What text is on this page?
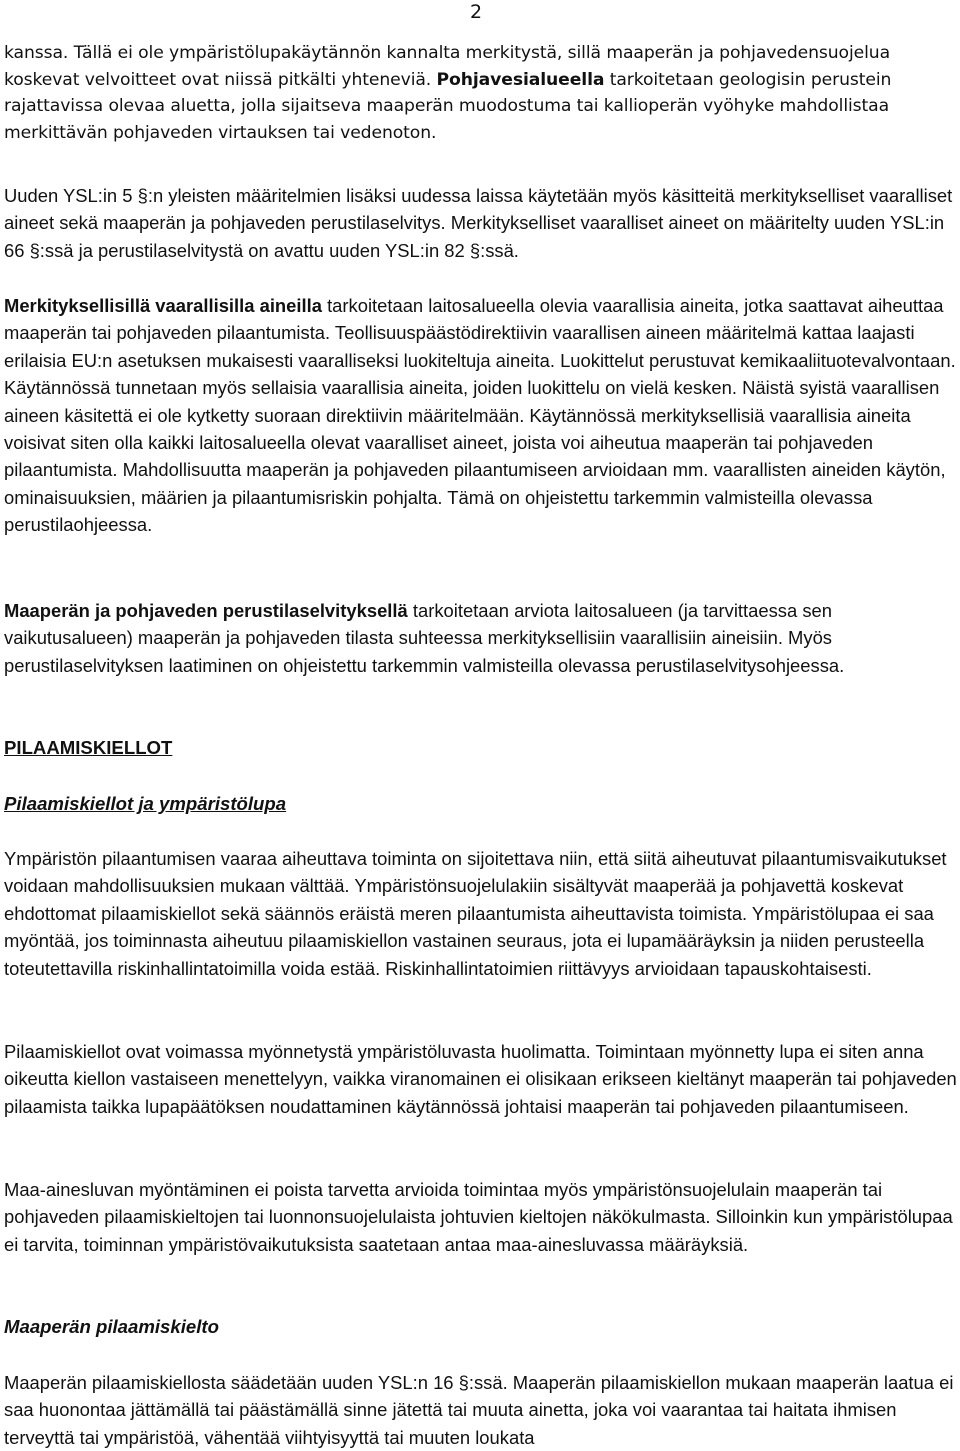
2

kanssa. Tällä ei ole ympäristölupakäytännön kannalta merkitystä, sillä maaperän ja pohjavedensuojelua koskevat velvoitteet ovat niissä pitkälti yhteneviä. Pohjavesialueella tarkoitetaan geologisin perustein rajattavissa olevaa aluetta, jolla sijaitseva maaperän muodostuma tai kallioperän vyöhyke mahdollistaa merkittävän pohjaveden virtauksen tai vedenoton.

Uuden YSL:in 5 §:n yleisten määritelmien lisäksi uudessa laissa käytetään myös käsitteitä merkitykselliset vaaralliset aineet sekä maaperän ja pohjaveden perustilaselvitys. Merkitykselliset vaaralliset aineet on määritelty uuden YSL:in 66 §:ssä ja perustilaselvitystä on avattu uuden YSL:in 82 §:ssä.

Merkityksellisillä vaarallisilla aineilla tarkoitetaan laitosalueella olevia vaarallisia aineita, jotka saattavat aiheuttaa maaperän tai pohjaveden pilaantumista. Teollisuuspäästödirektiivin vaarallisen aineen määritelmä kattaa laajasti erilaisia EU:n asetuksen mukaisesti vaaralliseksi luokiteltuja aineita. Luokittelut perustuvat kemikaaliituotevalvontaan. Käytännössä tunnetaan myös sellaisia vaarallisia aineita, joiden luokittelu on vielä kesken. Näistä syistä vaarallisen aineen käsitettä ei ole kytketty suoraan direktiivin määritelmään. Käytännössä merkityksellisiä vaarallisia aineita voisivat siten olla kaikki laitosalueella olevat vaaralliset aineet, joista voi aiheutua maaperän tai pohjaveden pilaantumista. Mahdollisuutta maaperän ja pohjaveden pilaantumiseen arvioidaan mm. vaarallisten aineiden käytön, ominaisuuksien, määrien ja pilaantumisriskin pohjalta. Tämä on ohjeistettu tarkemmin valmisteilla olevassa perustilaohjeessa.

Maaperän ja pohjaveden perustilaselvityksellä tarkoitetaan arviota laitosalueen (ja tarvittaessa sen vaikutusalueen) maaperän ja pohjaveden tilasta suhteessa merkityksellisiin vaarallisiin aineisiin. Myös perustilaselvityksen laatiminen on ohjeistettu tarkemmin valmisteilla olevassa perustilaselvitysohjeessa.

PILAAMISKIELLOT
Pilaamiskiellot ja ympäristölupa

Ympäristön pilaantumisen vaaraa aiheuttava toiminta on sijoitettava niin, että siitä aiheutuvat pilaantumisvaikutukset voidaan mahdollisuuksien mukaan välttää. Ympäristönsuojelulakiin sisältyvät maaperää ja pohjavettä koskevat ehdottomat pilaamiskiellot sekä säännös eräistä meren pilaantumista aiheuttavista toimista. Ympäristölupaa ei saa myöntää, jos toiminnasta aiheutuu pilaamiskiellon vastainen seuraus, jota ei lupamääräyksin ja niiden perusteella toteutettavilla riskinhallintatoimilla voida estää. Riskinhallintatoimien riittävyys arvioidaan tapauskohtaisesti.

Pilaamiskiellot ovat voimassa myönnetystä ympäristöluvasta huolimatta. Toimintaan myönnetty lupa ei siten anna oikeutta kiellon vastaiseen menettelyyn, vaikka viranomainen ei olisikaan erikseen kieltänyt maaperän tai pohjaveden pilaamista taikka lupapäätöksen noudattaminen käytännössä johtaisi maaperän tai pohjaveden pilaantumiseen.

Maa-ainesluvan myöntäminen ei poista tarvetta arvioida toimintaa myös ympäristönsuojelulain maaperän tai pohjaveden pilaamiskieltojen tai luonnonsuojelulaista johtuvien kieltojen näkökulmasta. Silloinkin kun ympäristölupaa ei tarvita, toiminnan ympäristövaikutuksista saatetaan antaa maa-ainesluvassa määräyksiä.

Maaperän pilaamiskielto

Maaperän pilaamiskiellosta säädetään uuden YSL:n 16 §:ssä. Maaperän pilaamiskiellon mukaan maaperän laatua ei saa huonontaa jättämällä tai päästämällä sinne jätettä tai muuta ainetta, joka voi vaarantaa tai haitata ihmisen terveyttä tai ympäristöä, vähentää viihtyisyyttä tai muuten loukata
